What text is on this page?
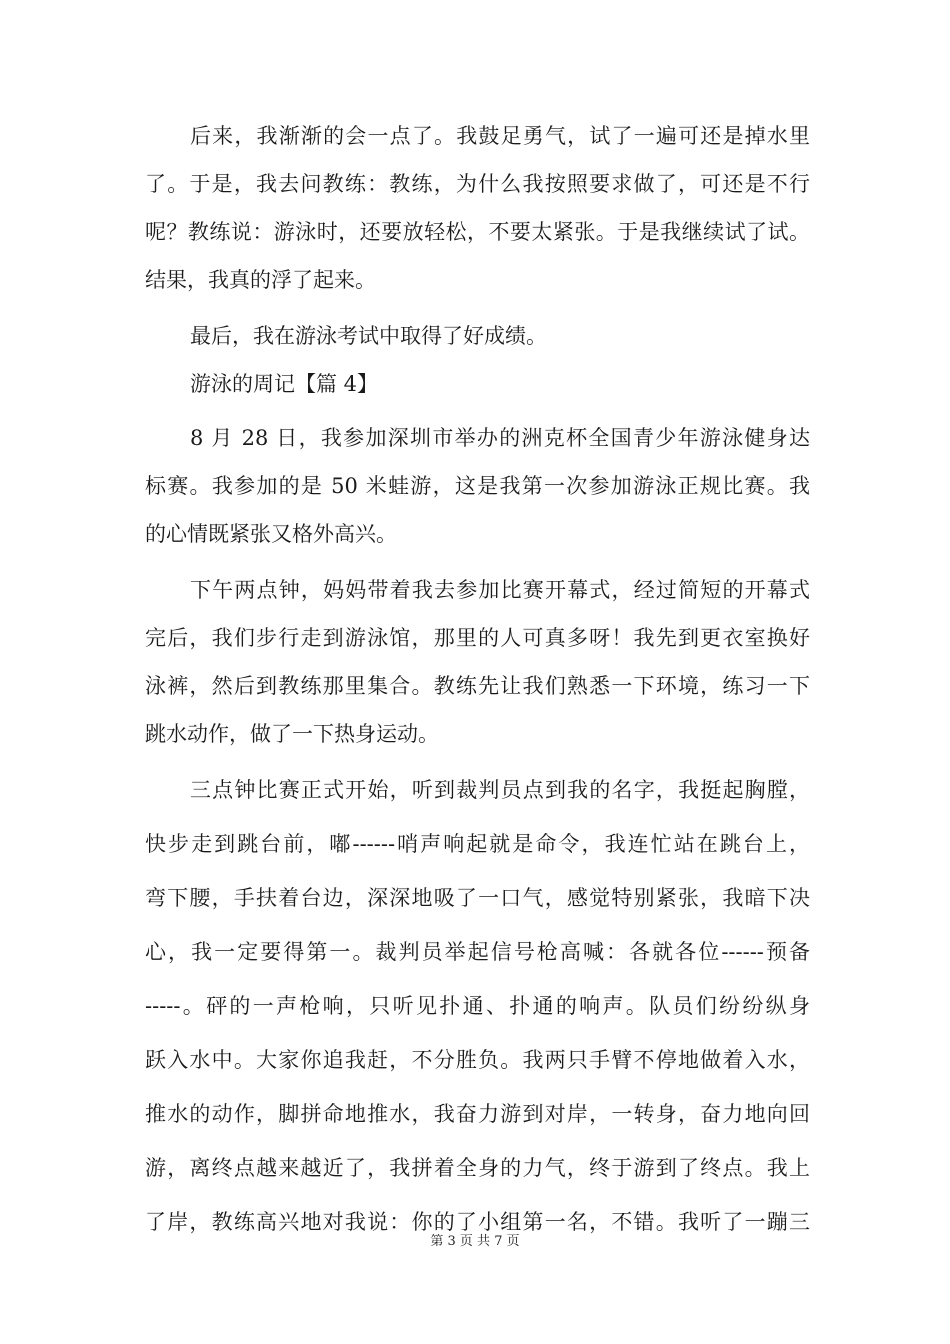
后来，我渐渐的会一点了。我鼓足勇气，试了一遍可还是掉水里
了。于是，我去问教练：教练，为什么我按照要求做了，可还是不行
呢？教练说：游泳时，还要放轻松，不要太紧张。于是我继续试了试。
结果，我真的浮了起来。
最后，我在游泳考试中取得了好成绩。
游泳的周记【篇 4】
8 月 28 日，我参加深圳市举办的洲克杯全国青少年游泳健身达
标赛。我参加的是 50 米蛙游，这是我第一次参加游泳正规比赛。我
的心情既紧张又格外高兴。
下午两点钟，妈妈带着我去参加比赛开幕式，经过简短的开幕式
完后，我们步行走到游泳馆，那里的人可真多呀！我先到更衣室换好
泳裤，然后到教练那里集合。教练先让我们熟悉一下环境，练习一下
跳水动作，做了一下热身运动。
三点钟比赛正式开始，听到裁判员点到我的名字，我挺起胸膛，
快步走到跳台前，嘟------哨声响起就是命令，我连忙站在跳台上，
弯下腰，手扶着台边，深深地吸了一口气，感觉特别紧张，我暗下决
心，我一定要得第一。裁判员举起信号枪高喊：各就各位------预备
-----。砰的一声枪响，只听见扑通、扑通的响声。队员们纷纷纵身
跃入水中。大家你追我赶，不分胜负。我两只手臂不停地做着入水，
推水的动作，脚拼命地推水，我奋力游到对岸，一转身，奋力地向回
游，离终点越来越近了，我拼着全身的力气，终于游到了终点。我上
了岸，教练高兴地对我说：你的了小组第一名，不错。我听了一蹦三
第 3 页 共 7 页
